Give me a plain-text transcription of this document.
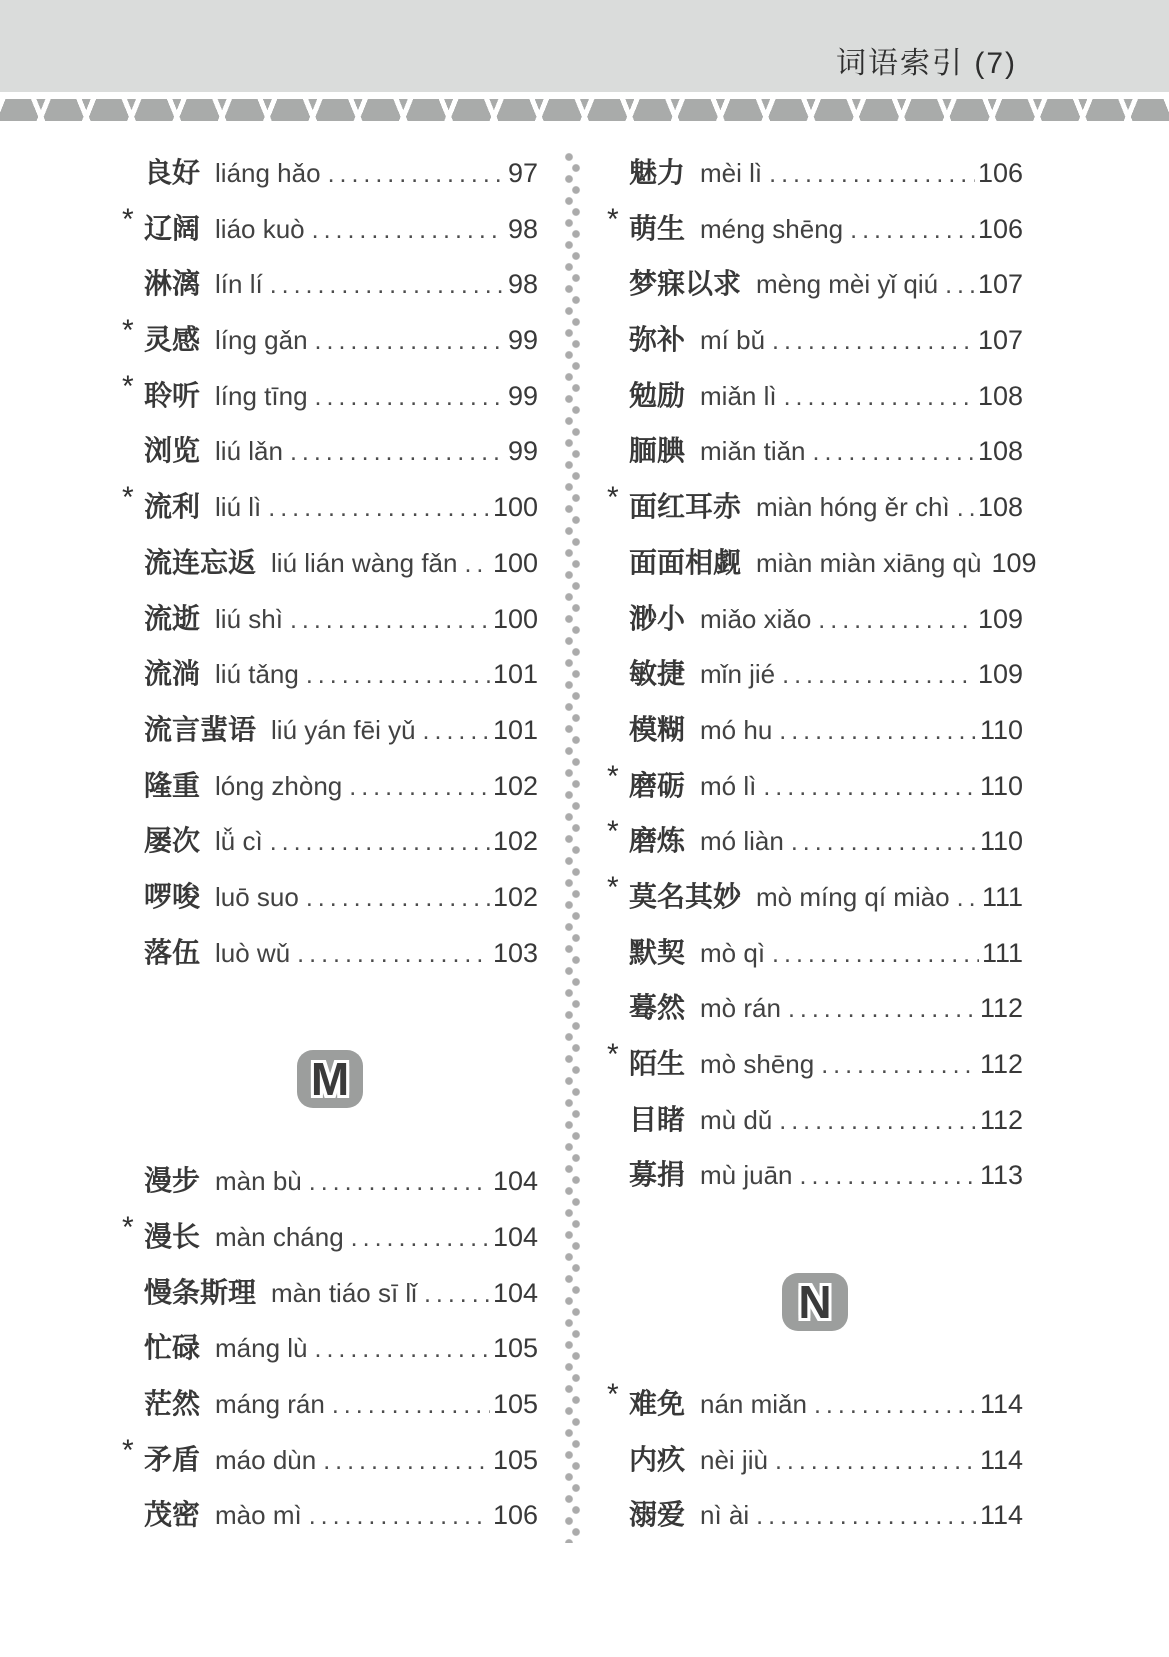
词语索引 (7)
良好 liáng hǎo .....	97
* 辽阔 liáo kuò .....	98
淋漓 lín lí .....	98
* 灵感 líng gǎn .....	99
* 聆听 líng tīng .....	99
浏览 liú lǎn .....	99
* 流利 liú lì .....	100
流连忘返 liú lián wàng fǎn ..... 100
流逝 liú shì .....	100
流淌 liú tǎng .....	101
流言蜚语 liú yán fēi yǔ .....	101
隆重 lóng zhòng .....	102
屡次 lǚ cì .....	102
啰唆 luō suo .....	102
落伍 luò wǔ .....	103
M
漫步 màn bù .....	104
* 漫长 màn cháng .....	104
慢条斯理 màn tiáo sī lǐ .....	104
忙碌 máng lù .....	105
茫然 máng rán .....	105
* 矛盾 máo dùn .....	105
茂密 mào mì .....	106
魅力 mèi lì .....	106
* 萌生 méng shēng .....	106
梦寐以求 mèng mèi yǐ qiú ..... 107
弥补 mí bǔ .....	107
勉励 miǎn lì .....	108
腼腆 miǎn tiǎn .....	108
* 面红耳赤 miàn hóng ěr chì ..... 108
面面相觑 miàn miàn xiāng qù 109
渺小 miǎo xiǎo .....	109
敏捷 mǐn jié .....	109
模糊 mó hu .....	110
* 磨砺 mó lì .....	110
* 磨炼 mó liàn .....	110
* 莫名其妙 mò míng qí miào ..... 111
默契 mò qì .....	111
蓦然 mò rán .....	112
* 陌生 mò shēng .....	112
目睹 mù dǔ .....	112
募捐 mù juān .....	113
N
* 难免 nán miǎn .....	114
内疚 nèi jiù .....	114
溺爱 nì ài .....	114
